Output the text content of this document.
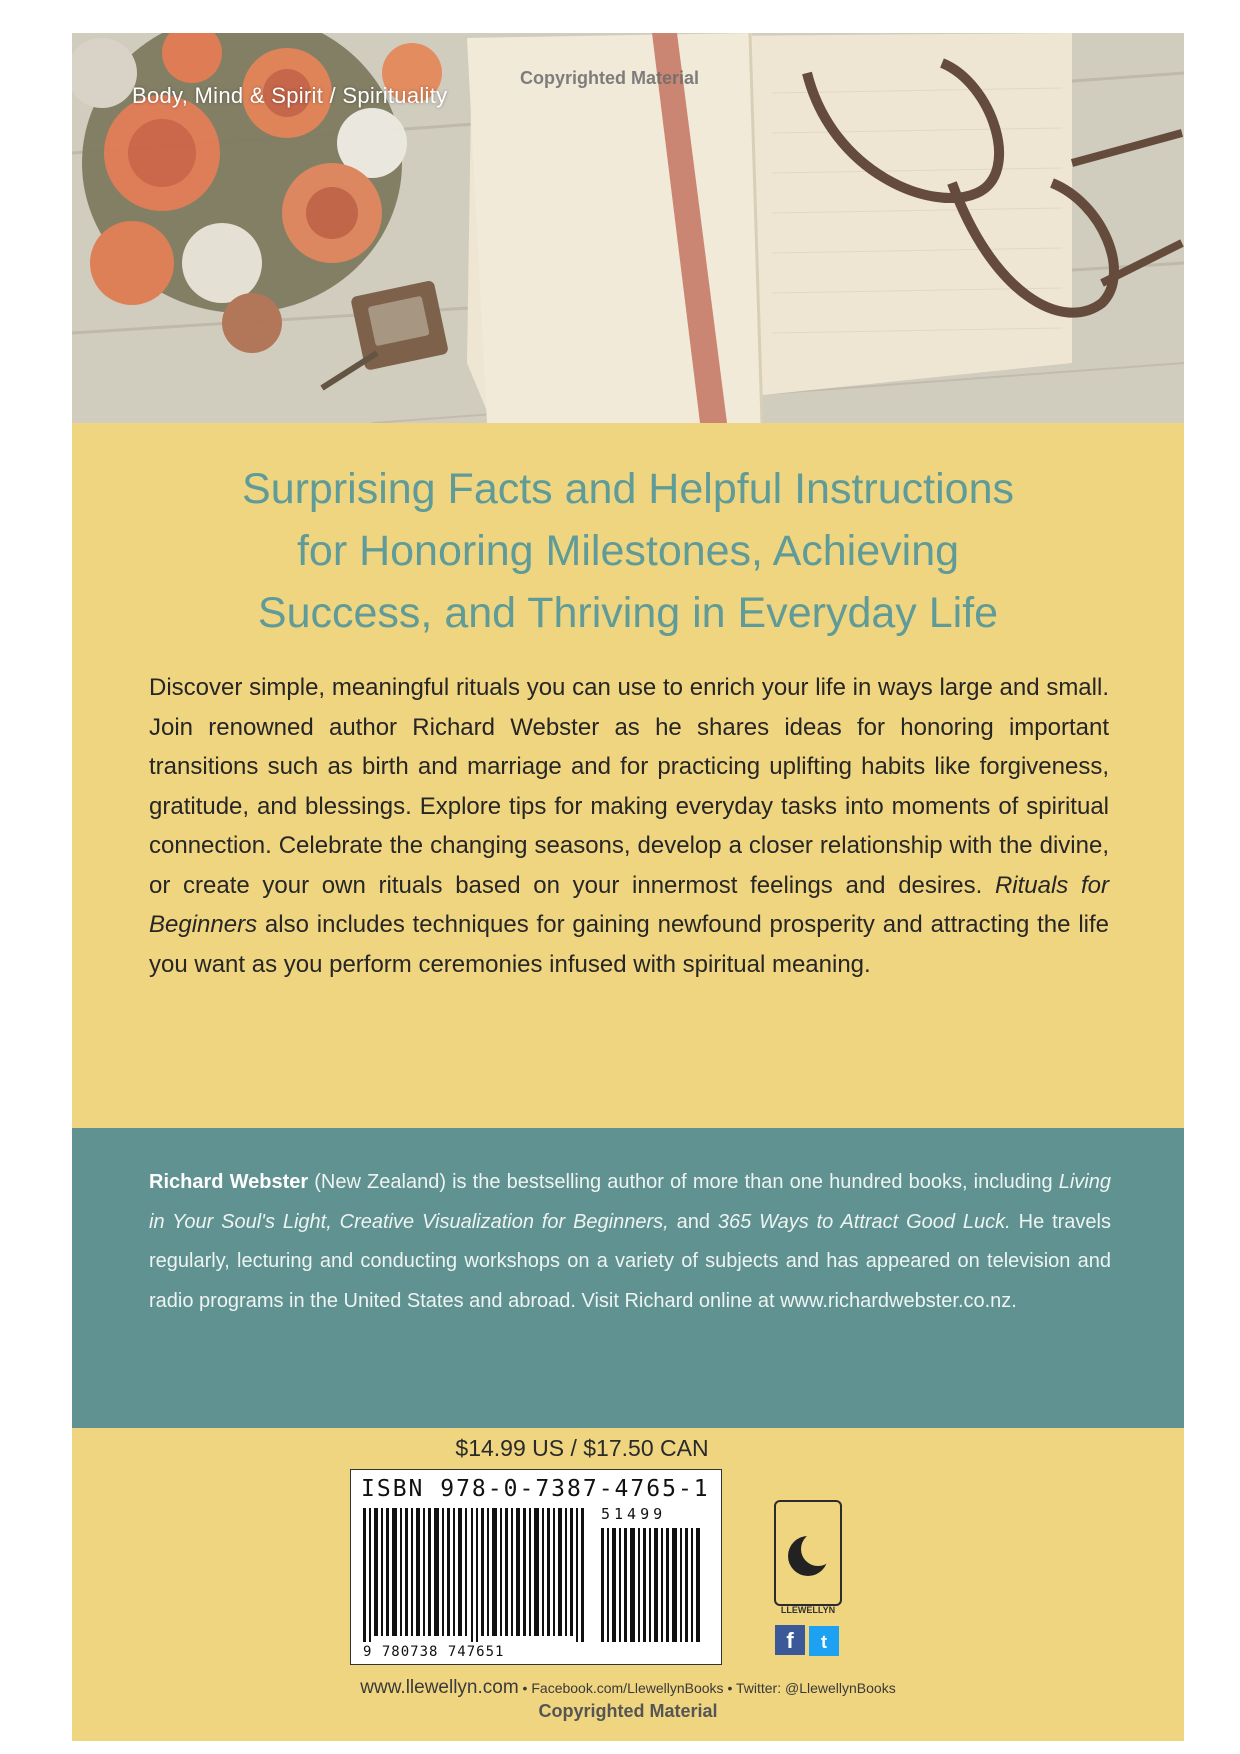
Copyrighted Material
Body, Mind & Spirit / Spirituality
Surprising Facts and Helpful Instructions
for Honoring Milestones, Achieving
Success, and Thriving in Everyday Life
Discover simple, meaningful rituals you can use to enrich your life in ways large and small. Join renowned author Richard Webster as he shares ideas for honoring important transitions such as birth and marriage and for practicing uplifting habits like forgiveness, gratitude, and blessings. Explore tips for making everyday tasks into moments of spiritual connection. Celebrate the changing seasons, develop a closer relationship with the divine, or create your own rituals based on your innermost feelings and desires. Rituals for Beginners also includes techniques for gaining newfound prosperity and attracting the life you want as you perform ceremonies infused with spiritual meaning.
Richard Webster (New Zealand) is the bestselling author of more than one hundred books, including Living in Your Soul's Light, Creative Visualization for Beginners, and 365 Ways to Attract Good Luck. He travels regularly, lecturing and conducting workshops on a variety of subjects and has appeared on television and radio programs in the United States and abroad. Visit Richard online at www.richardwebster.co.nz.
$14.99 US / $17.50 CAN
ISBN 978-0-7387-4765-1
51499
9 780738 747651
LLEWELLYN
f t
www.llewellyn.com • Facebook.com/LlewellynBooks • Twitter: @LlewellynBooks
Copyrighted Material
